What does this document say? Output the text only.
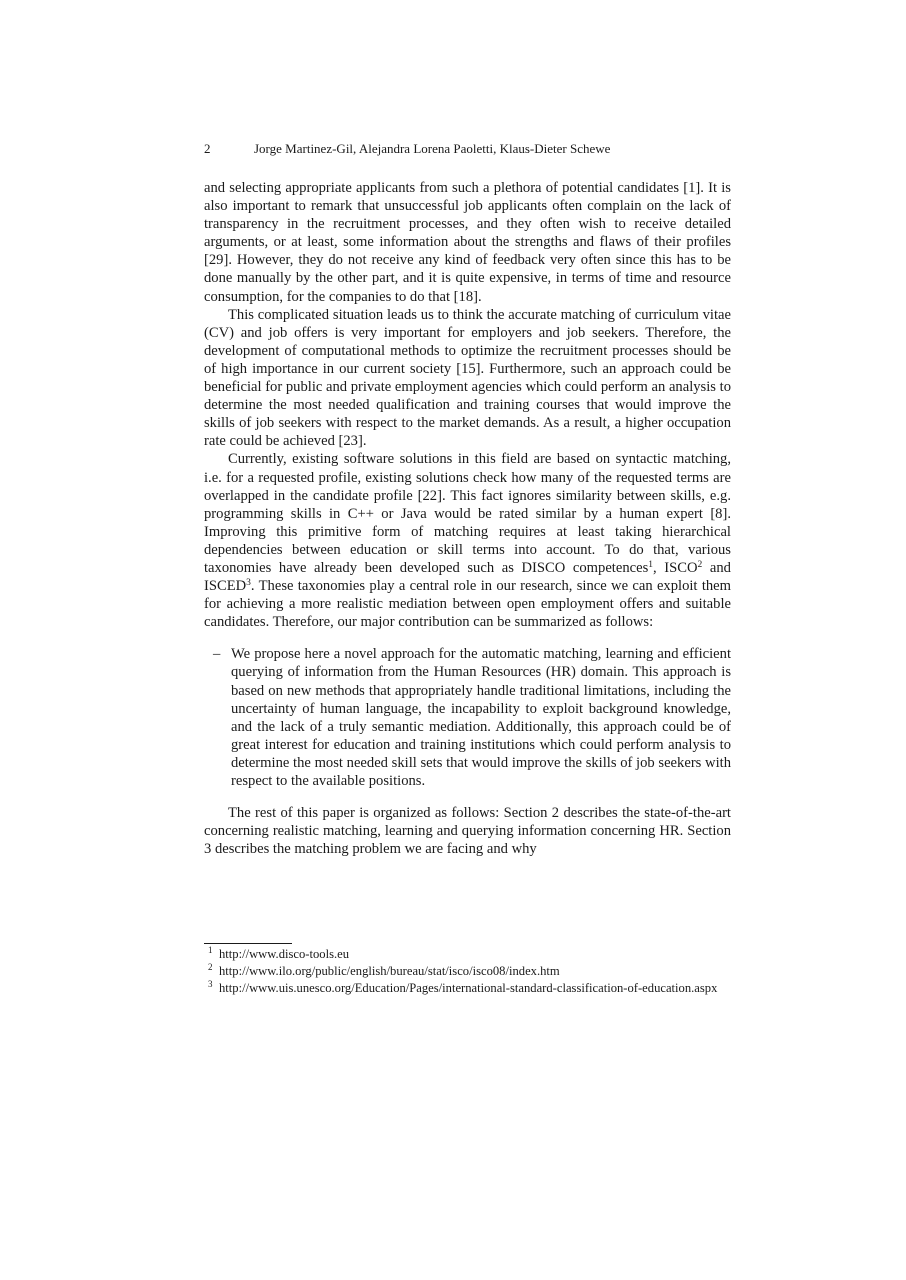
2	Jorge Martinez-Gil, Alejandra Lorena Paoletti, Klaus-Dieter Schewe

and selecting appropriate applicants from such a plethora of potential candidates [1]. It is also important to remark that unsuccessful job applicants often complain on the lack of transparency in the recruitment processes, and they often wish to receive detailed arguments, or at least, some information about the strengths and flaws of their profiles [29]. However, they do not receive any kind of feedback very often since this has to be done manually by the other part, and it is quite expensive, in terms of time and resource consumption, for the companies to do that [18].

This complicated situation leads us to think the accurate matching of curriculum vitae (CV) and job offers is very important for employers and job seekers. Therefore, the development of computational methods to optimize the recruitment processes should be of high importance in our current society [15]. Furthermore, such an approach could be beneficial for public and private employment agencies which could perform an analysis to determine the most needed qualification and training courses that would improve the skills of job seekers with respect to the market demands. As a result, a higher occupation rate could be achieved [23].

Currently, existing software solutions in this field are based on syntactic matching, i.e. for a requested profile, existing solutions check how many of the requested terms are overlapped in the candidate profile [22]. This fact ignores similarity between skills, e.g. programming skills in C++ or Java would be rated similar by a human expert [8]. Improving this primitive form of matching requires at least taking hierarchical dependencies between education or skill terms into account. To do that, various taxonomies have already been developed such as DISCO competences$^1$, ISCO$^2$ and ISCED$^3$. These taxonomies play a central role in our research, since we can exploit them for achieving a more realistic mediation between open employment offers and suitable candidates. Therefore, our major contribution can be summarized as follows:

– We propose here a novel approach for the automatic matching, learning and efficient querying of information from the Human Resources (HR) domain. This approach is based on new methods that appropriately handle traditional limitations, including the uncertainty of human language, the incapability to exploit background knowledge, and the lack of a truly semantic mediation. Additionally, this approach could be of great interest for education and training institutions which could perform analysis to determine the most needed skill sets that would improve the skills of job seekers with respect to the available positions.

The rest of this paper is organized as follows: Section 2 describes the state-of-the-art concerning realistic matching, learning and querying information concerning HR. Section 3 describes the matching problem we are facing and why

1 http://www.disco-tools.eu
2 http://www.ilo.org/public/english/bureau/stat/isco/isco08/index.htm
3 http://www.uis.unesco.org/Education/Pages/international-standard-classification-of-education.aspx
